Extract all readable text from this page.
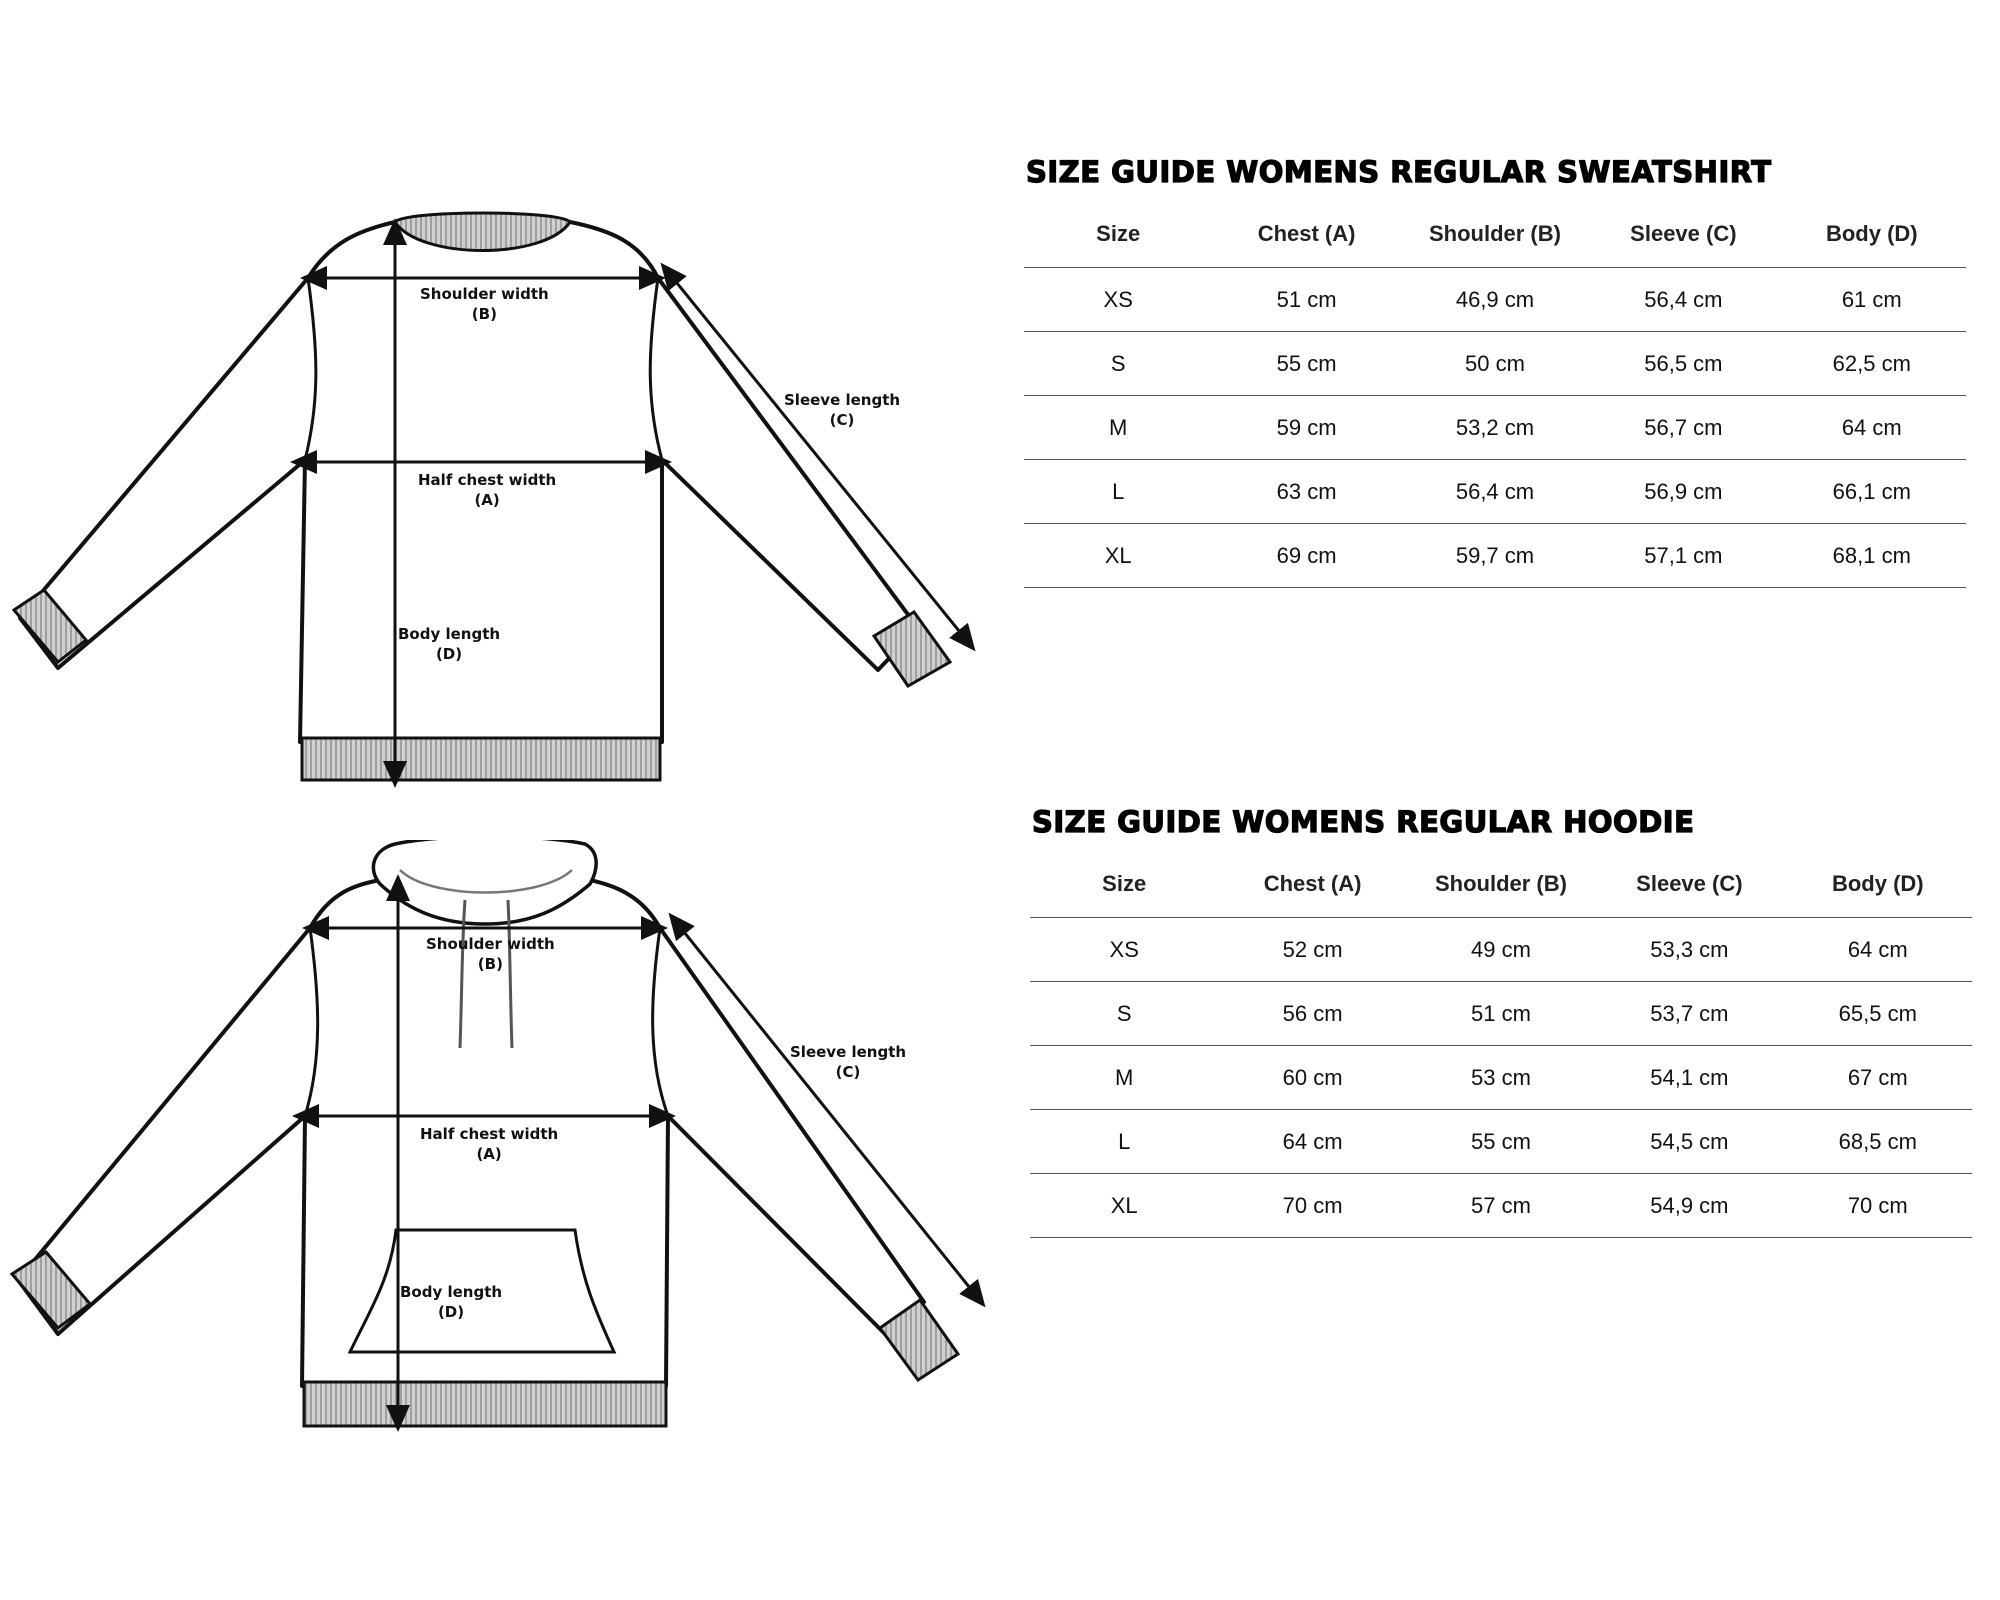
Shoulder width
(B)
Half chest width
(A)
Body length
(D)
Sleeve length
(C)
Shoulder width
(B)
Half chest width
(A)
Body length
(D)
Sleeve length
(C)
SIZE GUIDE WOMENS REGULAR SWEATSHIRT
Size	Chest (A)	Shoulder (B)	Sleeve (C)	Body (D)
XS	51 cm	46,9 cm	56,4 cm	61 cm
S	55 cm	50 cm	56,5 cm	62,5 cm
M	59 cm	53,2 cm	56,7 cm	64 cm
L	63 cm	56,4 cm	56,9 cm	66,1 cm
XL	69 cm	59,7 cm	57,1 cm	68,1 cm
SIZE GUIDE WOMENS REGULAR HOODIE
Size	Chest (A)	Shoulder (B)	Sleeve (C)	Body (D)
XS	52 cm	49 cm	53,3 cm	64 cm
S	56 cm	51 cm	53,7 cm	65,5 cm
M	60 cm	53 cm	54,1 cm	67 cm
L	64 cm	55 cm	54,5 cm	68,5 cm
XL	70 cm	57 cm	54,9 cm	70 cm
